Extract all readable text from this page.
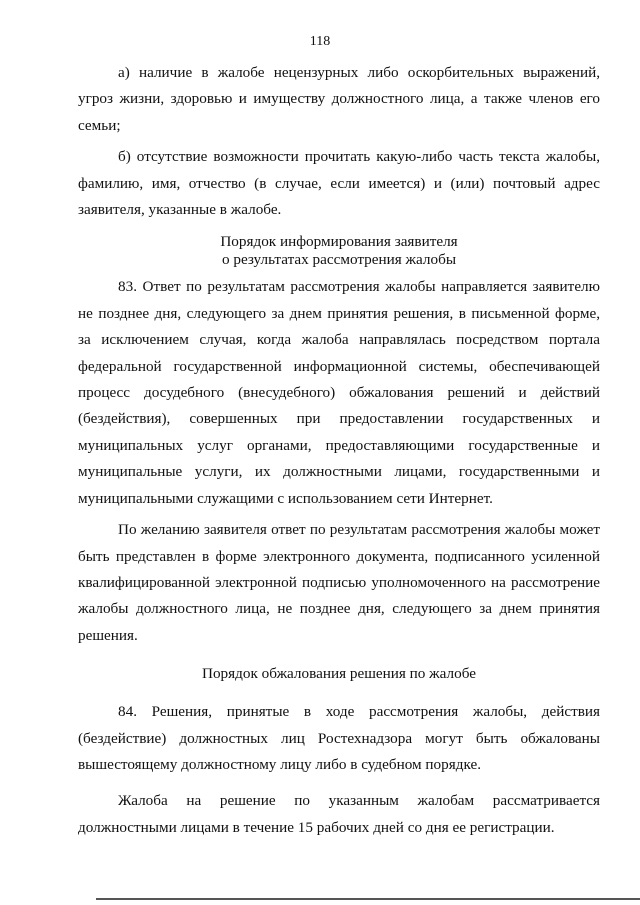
118

а) наличие в жалобе нецензурных либо оскорбительных выражений, угроз жизни, здоровью и имуществу должностного лица, а также членов его семьи;

б) отсутствие возможности прочитать какую-либо часть текста жалобы, фамилию, имя, отчество (в случае, если имеется) и (или) почтовый адрес заявителя, указанные в жалобе.

Порядок информирования заявителя

о результатах рассмотрения жалобы

83. Ответ по результатам рассмотрения жалобы направляется заявителю не позднее дня, следующего за днем принятия решения, в письменной форме, за исключением случая, когда жалоба направлялась посредством портала федеральной государственной информационной системы, обеспечивающей процесс досудебного (внесудебного) обжалования решений и действий (бездействия), совершенных при предоставлении государственных и муниципальных услуг органами, предоставляющими государственные и муниципальные услуги, их должностными лицами, государственными и муниципальными служащими с использованием сети Интернет.

По желанию заявителя ответ по результатам рассмотрения жалобы может быть представлен в форме электронного документа, подписанного усиленной квалифицированной электронной подписью уполномоченного на рассмотрение жалобы должностного лица, не позднее дня, следующего за днем принятия решения.

Порядок обжалования решения по жалобе

84. Решения, принятые в ходе рассмотрения жалобы, действия (бездействие) должностных лиц Ростехнадзора могут быть обжалованы вышестоящему должностному лицу либо в судебном порядке.

Жалоба на решение по указанным жалобам рассматривается должностными лицами в течение 15 рабочих дней со дня ее регистрации.
